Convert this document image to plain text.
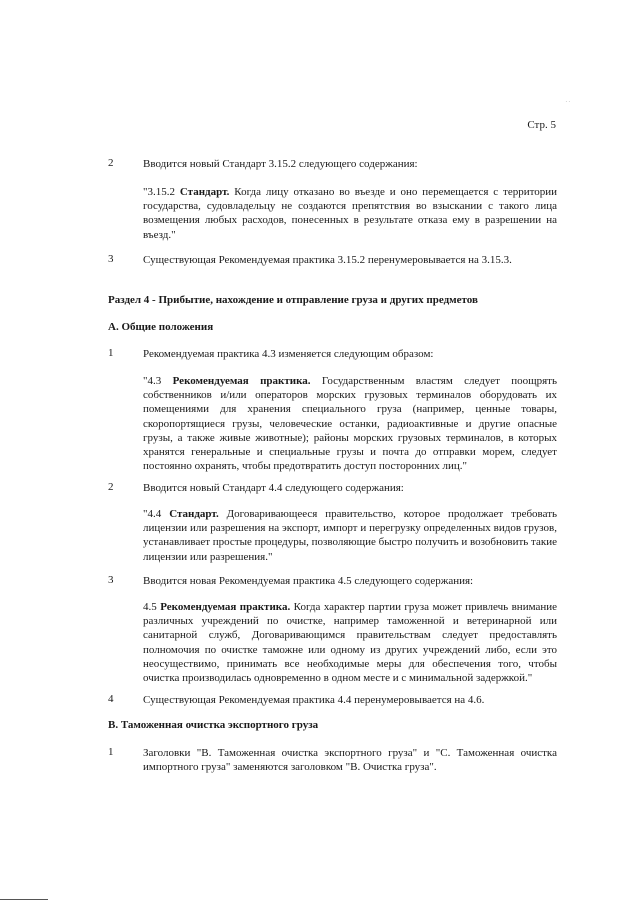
. .
Стр. 5
2	Вводится новый Стандарт 3.15.2 следующего содержания:
"3.15.2 Стандарт. Когда лицу отказано во въезде и оно перемещается с территории государства, судовладельцу не создаются препятствия во взыскании с такого лица возмещения любых расходов, понесенных в результате отказа ему в разрешении на въезд."
3	Существующая Рекомендуемая практика 3.15.2 перенумеровывается на 3.15.3.
Раздел 4 - Прибытие, нахождение и отправление груза и других предметов
А. Общие положения
1	Рекомендуемая практика 4.3 изменяется следующим образом:
"4.3 Рекомендуемая практика. Государственным властям следует поощрять собственников и/или операторов морских грузовых терминалов оборудовать их помещениями для хранения специального груза (например, ценные товары, скоропортящиеся грузы, человеческие останки, радиоактивные и другие опасные грузы, а также живые животные); районы морских грузовых терминалов, в которых хранятся генеральные и специальные грузы и почта до отправки морем, следует постоянно охранять, чтобы предотвратить доступ посторонних лиц."
2	Вводится новый Стандарт 4.4 следующего содержания:
"4.4 Стандарт. Договаривающееся правительство, которое продолжает требовать лицензии или разрешения на экспорт, импорт и перегрузку определенных видов грузов, устанавливает простые процедуры, позволяющие быстро получить и возобновить такие лицензии или разрешения."
3	Вводится новая Рекомендуемая практика 4.5 следующего содержания:
4.5 Рекомендуемая практика. Когда характер партии груза может привлечь внимание различных учреждений по очистке, например таможенной и ветеринарной или санитарной служб, Договаривающимся правительствам следует предоставлять полномочия по очистке таможне или одному из других учреждений либо, если это неосуществимо, принимать все необходимые меры для обеспечения того, чтобы очистка производилась одновременно в одном месте и с минимальной задержкой."
4	Существующая Рекомендуемая практика 4.4 перенумеровывается на 4.6.
В. Таможенная очистка экспортного груза
1	Заголовки "В. Таможенная очистка экспортного груза" и "С. Таможенная очистка импортного груза" заменяются заголовком "В. Очистка груза".
